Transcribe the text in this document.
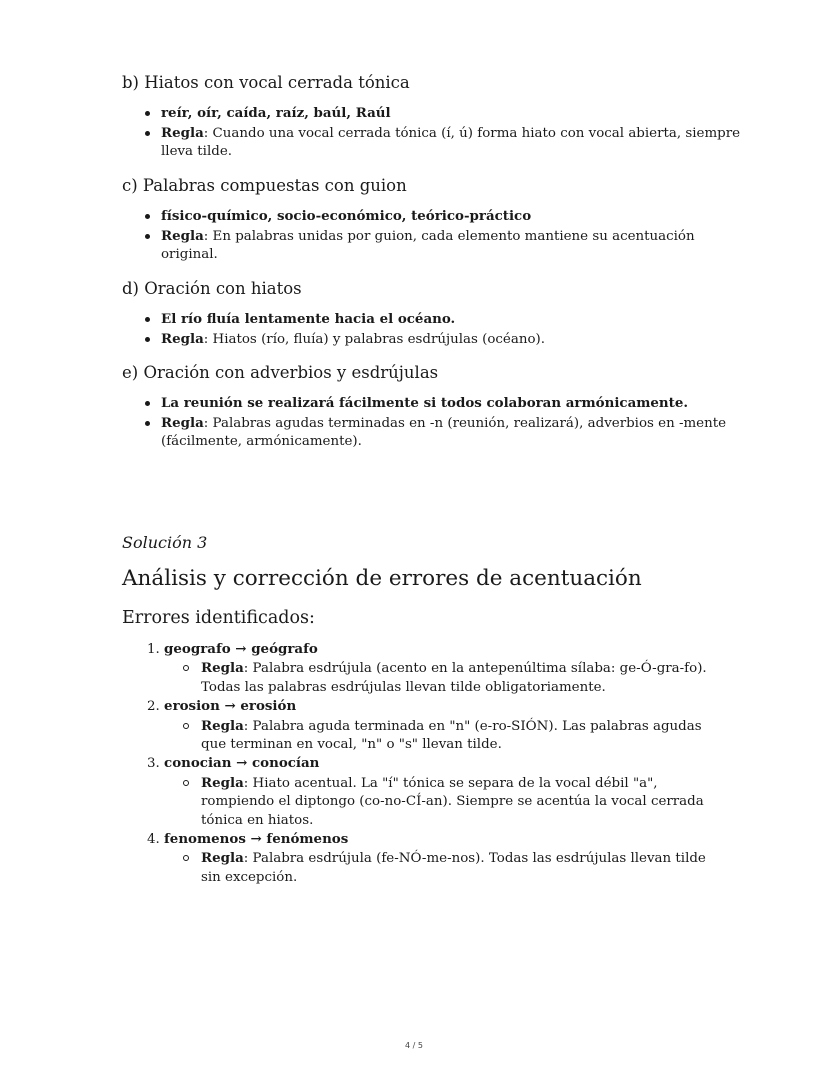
b) Hiatos con vocal cerrada tónica
reír, oír, caída, raíz, baúl, Raúl
Regla: Cuando una vocal cerrada tónica (í, ú) forma hiato con vocal abierta, siempre lleva tilde.
c) Palabras compuestas con guion
físico-químico, socio-económico, teórico-práctico
Regla: En palabras unidas por guion, cada elemento mantiene su acentuación original.
d) Oración con hiatos
El río fluía lentamente hacia el océano.
Regla: Hiatos (río, fluía) y palabras esdrújulas (océano).
e) Oración con adverbios y esdrújulas
La reunión se realizará fácilmente si todos colaboran armónicamente.
Regla: Palabras agudas terminadas en -n (reunión, realizará), adverbios en -mente (fácilmente, armónicamente).

Solución 3

Análisis y corrección de errores de acentuación
Errores identificados:
1. geografo → geógrafo
Regla: Palabra esdrújula (acento en la antepenúltima sílaba: ge-Ó-gra-fo). Todas las palabras esdrújulas llevan tilde obligatoriamente.
2. erosion → erosión
Regla: Palabra aguda terminada en "n" (e-ro-SIÓN). Las palabras agudas que terminan en vocal, "n" o "s" llevan tilde.
3. conocian → conocían
Regla: Hiato acentual. La "í" tónica se separa de la vocal débil "a", rompiendo el diptongo (co-no-CÍ-an). Siempre se acentúa la vocal cerrada tónica en hiatos.
4. fenomenos → fenómenos
Regla: Palabra esdrújula (fe-NÓ-me-nos). Todas las esdrújulas llevan tilde sin excepción.
4 / 5
